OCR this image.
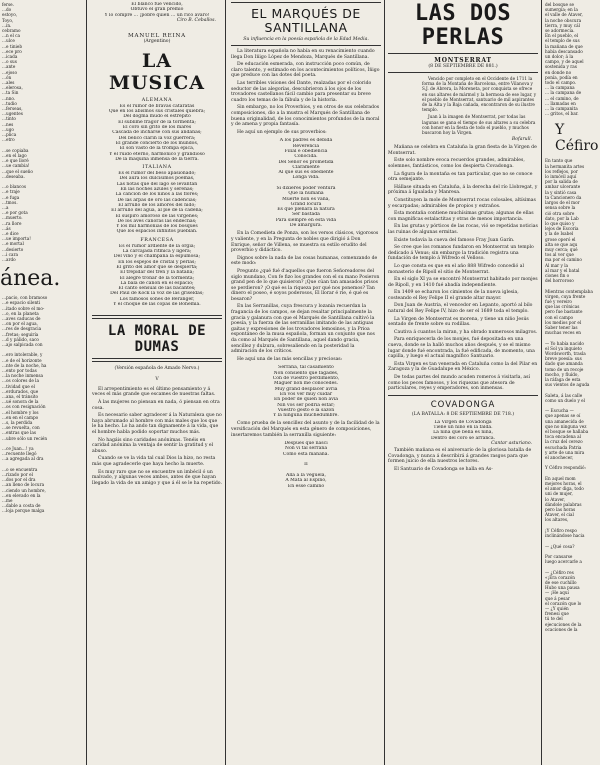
ferse.
...do
estoyo,
Toyo,
...in.
cebramo
...n el ca
...ulce
...e tinieb
...ece pro
...icada
...o sus
...ante
...ejoso
...ón
...ales
...elerosa,
...ta Sin
...nno.
...tudio
...ferseas,
...ugentes
...tinto
...nes
...ugo
...plica
...etro

...se copiaba
...en el lago
...e que lloré
...ue cambia!
...que el sueño
...deseaba.

...o blancos
...e traje
...e fuga
...tmos.
...a
...e por gota
...muerto.
...ra llore
...ás
...e dice
...ue importa!
...e mortal
...desierto
...i cara
...ardo
ánea.
...pacio, con bramoso
...e espacio silenti
...itado sobre el mo-
...o, en la planeta
...aves caducas de
...on por el agua,
...res de desgracia
...fretas; seguiría
...d y pálido, saco
...ajo salpicada con

...ero intolerable, y
...e de el horizonte
...nte de la noche, ha
...ento por todas
...la noche inmensa
...os colores de la
...tividad que el
...erdurados, que
...ana, el tránsito
...ué sonora de la
...os con resignación
...el hombre y los
...en en el campo
...s, la perdida
...se revuelta, con
...entras que las
...ubre sólo un recién

...ce Juan...! ya
...recuente llegó
...a agregada al dra

...o se encuentra
...rizado por el
...dos por el dra
...an lleno de locura
...ciendo un hombre,
...en elevado en la
...me
...dable a costa de
...loja porque malga
El blanco fue vencido,
Obtuvo el gran premio
Y lo compré ... ¡pobre quien ... un rico avaro!
Ciro B. Ceballos.
MANUEL REINA
(Argentino)
LA MUSICA
ALEMANA
Es el rumor de bravas cataratas
Que en los abismos sus cristales quiebra;
Del dogma mudo el estrépito
El sublime fragor de la tormenta;
El coro sin grito de los mares
Cascada de incharse con sus andanas;
Del bélico clarín la voz guerrera;
El grande concierto de los mundos,
El son vasto de la trompa épica,
Y el ruido eterno, harmónico y grandioso
De la máquina inmensa de la tierra.
ITALIANA
Es el rumor del beso apasionado;
Del aura los dulcísimos poemas,
Las notas que del lago se levantan
En las noches azules y serenas;
La canción de los niños a las flores;
De las arpas de oro las cadencias;
El arrullo de los amores del nido;
El arrullo del agua, al pie de la cadena;
El suspiro amoroso de las vírgenes;
De los aves canoras las endechas;
Y los mil harmonías de los bosques
Que los espacios infinitos pueblan.
FRANCESA
Es el rumor ardiente de la orgía;
La carcajada rítmica y ligera;
Del vino y el champaña la espumosa;
En los espejos de cristal y perlas;
El grito del amor que se despierta;
El trepidar del tren y la batalla;
El alegre tronar de la tormenta;
La bala de cañón en el espacio;
El canto sensual de las bacantes;
Del Paul de Kock la voz de las griseldas;
Los famosos sones de Beranger,
Y el choque de las copas de Bohemia.
LA MORAL DE DUMAS
(Versión española de Amado Nervo.)
V

El arrepentimiento es el último pensamiento y á veces el más grande que escames de nuestras faltas.

Á las mujeres no piensan en nada, ó piensan en otra cosa.

Es necesario saber agradecer á la Naturaleza que no haya abrumado al hombre con más males que los que le ha hecho. Lo ha ando tan dignamente á la vida, que el hombre habla podido soportar muchos más.

No hagáis sino caridades anónimas. Tenéis en caridad anónima la ventaja de sentir la gratitud y el abuso.

Cuando se ve la vida tal cual Dios la hizo, no resta más que agradecerle que haya hecho la muerte.

Es muy raro que no se encuentre un imbécil ó un malvado, y algunas veces ambos, antes de que hayan llegado la vida de un amigo y que á él se le ha repetido.

EL MARQUÉS DE SANTILLANA
Su influencia en la poesía española de la Edad Media.

La literatura española no había en su renacimiento cuando llega Don Iñigo López de Mendoza, Marqués de Santillana.

De educación esmerada, con instrucción poco común, de claro talento, y estimado en los acontecimientos políticos, Íñigo que preduce con las dotes del poeta.

Las terribles visiones del Dante, realzadas por el colorido seductor de las alegorías, descubrieron á los ojos de los trovadores castellanos fácil cambio para presentar su breve cuadro los temas de la fábula y de la historia.

Sin embargo, no los Proverbios, y en otros de sus celebrados composiciones, dio a la mustra el Marqués de Santillana de buena originalidad, de los conocimientos profundos de la moral y de amena y propia fantasía.

He aquí un ejemplo de sus proverbios:

Á los padres es debida
Reverencia
Filial é obediencia
Conocida.
Del Señor es prometida
Claramente
Al que sus es obediente
Longa vida.

Si dixieres poder ventura
Que la humana
Muerte non es vana,
Grand locura
Es que plenara la natura
Ser bastada
Para siempre en esta vida
De amargura.

En la Comedieta de Ponza, son los versos clásicos, vigorosos y valiente, y en la Pregunta de nobles que dirigió á Don Enrique, señor de Villena, se muestra su estilo erudito del proverbio y didáctico.

Dignos sobre la nada de las cosas humanas, comenzando de este modo:

Pregunto ¿qué fué d'aquellos que fueron Señoreadores del siglo mundano, Con fe fizo los grandes con el su mano Posieron grand pen de lo que quisieron? ¡Que cúan tan amasados prisos se perdieron? ¡O qué es la riqueza por qué nos ponemos? Tan dinero el poseo, é soyos poderosos, El llorar é ríe, é qué es besaron?

En las Serranillas, cuya frescura y lozanía recuerdan la fragancia de los campos, se dejan resaltar principalmente la gracia y galanura con que el Marqués de Santillana cultivó la poesía, y la fuerza de las serranillas imitando de las antiguas gaitas y expresiones de los trovadores lemosinos, y la Prioa espontáneo de la musa española, forman un conjunto que nos da como al Marqués de Santillana, aquel dando gracia, sencillez y dulzura, sobresaliendo en la posteridad la admiración de los críticos.

He aquí una de las más sencillas y preciosas:

Serrana, tal casamiento
Non consiento que fagades,
Con de vuestro perdimiento,
Maguer non me conocedes.
Muy grand desplacer avría
En vos ver muy cuidar
En poder de quien non avía
Nin vos ser podría estar;
Vuestro gesto é la sazón
Y la ninguna muchedumbre.

Como prueba de la sencillez del asunto y de la facilidad de la versificación del Marqués en esta género de composiciones, insertaremos también la serranilla siguiente:

Después que nascí
Non vi tal serrana
Como esta mañana.

II

Allá á la vegüela,
A Mata al Espino,
En esse camino
LAS DOS PERLAS
MONTSERRAT
(8 DE SEPTIEMBRE DE 881.)

Vencido por completo en el Occidente de 1711 la forma de la Montaña de Barcelona, entre Vilanova y S.J. de Abrera, la Moreneta, por conquista se ofrece en sus altares de mármol y la hermosa de ese lugar, y el pueblo de Montserrat, santuario de mil aspirantes de la Alta y la Baja cañada, encontraron de su ilustre templo.

Juan à la imagen de Montserrat, por todas las lagunas se gana el tiempo de sus altares a su celebra con honor en la fiesta de todo el pueblo, y muchos buscaron hoy la Virgen.

Bofarull.

Mañana se celebra en Cataluña la gran fiesta de la Virgen de Montserrat.

Este solo nombre evoca recuerdos grandes, admirables, solemnes, fantásticos, como los despierta Covadonga.

La figura de la montaña es tan particular, que no se conoce otra semejante.

Hállase situada en Cataluña, á la derecha del río Llobregat, y próxima á Igualada y Manresa.

Constituyen la mole de Montserrat rocas colosales, altísimas y escarpadas; admirables de propios y extraños.

Esta montaña contiene muchísimas grutas; algunas de ellas con magníficas estalactitas y otras de menos importancia.

En las grutas y pórticos de las rocas, vió se repetidas noticias las ruinas de algunas ermitas.

Existe todavía la cueva del famoso Fray Juan Garín.

Se cree que los romanos fundaron en Montserrat un templo dedicado á Venus; sin embargo la tradición registra una fundación de templo á Wifredo el Velloso.

Lo que consta es que en el año 888 Wifredo concedió al monasterio de Ripoll el sitio de Montserrat.

En el siglo XI ya se encontró Montserrat habitado por monjes de Ripoll, y en 1410 fué abadía independiente.

En 1409 se echaron los cimientos de la nueva iglesia, costeando el Rey Felipe II el grande altar mayor.

Don Juan de Austria, el vencedor en Lepanto, aportó al bilo natural del Rey Felipe IV, hizo de ser el 1689 toda el templo.

La Virgen de Montserrat es morena, y tiene un niño Jesús sentado de frente sobre su rodillas.

Cautiva á cuantos la miran, y ha obrado numerosos milagros.

Para enriquecerla de los monjes, fué depositada en una cueva, donde se la halló muchos años después, y se el mismo lugar donde fué encontrada, la fué edificada, de momento, una capilla, y luego el actual magnífico Santuario.

Esta Virgen es tan venerada en Cataluña como la del Pilar en Zaragoza y la de Guadalupe en México.

De todas partes del mundo acuden romeros á visitarla, así como los peces famosos, y los riquezas que atesora de particulares, reyes y emperadores, son inmensas.

COVADONGA
(LA BATALLA: 8 DE SEPTIEMBRE DE 718.)
La Virgen de Covadonga
Tiene un niño en la falda.
La niña que bella es niña,
Dentro del coro se arranca.
Cantar asturiano.

También mañana es el aniversario de la gloriosa batalla de Covadonga, y nunca á describirá á grandes rasgos para que formen juicio de ella nuestros lectores.

El Santuario de Covadonga se halla en As-

del bosque se
sumergía; en la
el valle de Ataver,
la noche obscura
tierra, y muy cál
se adormecía.
En el pueblo, el
el templo de sus
la mañana de que
había descansado
un dolor; á la
campo, y de aquel
sostenida y ras
en donde no
ponía, podía en
todo el campo.
... la campana
... la campana de
... el camino, de
... llamadas en
... la campanita
... gritos, el bar.
Y Céfiro
En tanto que
la hermanita artes
los reflejos, por
lo inmóvil aquí
por la salida de
ambar ulcerante
la y sintió casa
ta Cancionero da
largos de el mor
sensa sobre la
ció otra sobre
dato, por la Lab
lo que quiso y
lejos de Escoria
y la de Isabel
grose operó el
alta se que aqu
muy cerca; qué
tos al ver que
ma por el camino
Al mar y la
al mar y el batal
ciones fin o
del horroroso

Mientras contemplaba
virgen, cuya frente
fué y vereiro
que las crónicas
pero fue bastante
con el campo
los medios por el
Saber tener las
muchas veces en

— Yo había nacido
el Sol ya inquieto
Wordsworth, trasla
breve poesía: sus
dado que amanda
tomo de un recoje
mocho, y fluído,
la ráfaga de esta
sus vientos de aguda

Saleta, á las calle
como un duelo y el

— Escucha —
que apenas se oí
una amanecida de
que no ninguna vez
el bosque se hallaba
toca encadena al
la cruz del cerezo
escuchada Patria
y arte de una mira
el anochecer,

Y Céfiro respondió:

En aquel mom
mejores horas, el
el amor diga, todo
uni de mujer,
lo Ataver,
dándole palabras
pero las horas
Ataver, el cial
los altares,

¡Y Céfiro respo
inclinándose hacia

— ¿Qué cosa?

Por cansarse
luego acercarle a

— ¿Céfiro res
«¡Era corazón
de ese cuchillo
Hubo una pausa
— ¡He aquí
que á pesar
el corazón que lo
— ¿Y quién
frenesí que
tú te del
ejecuciones de la
ocaciones de la
